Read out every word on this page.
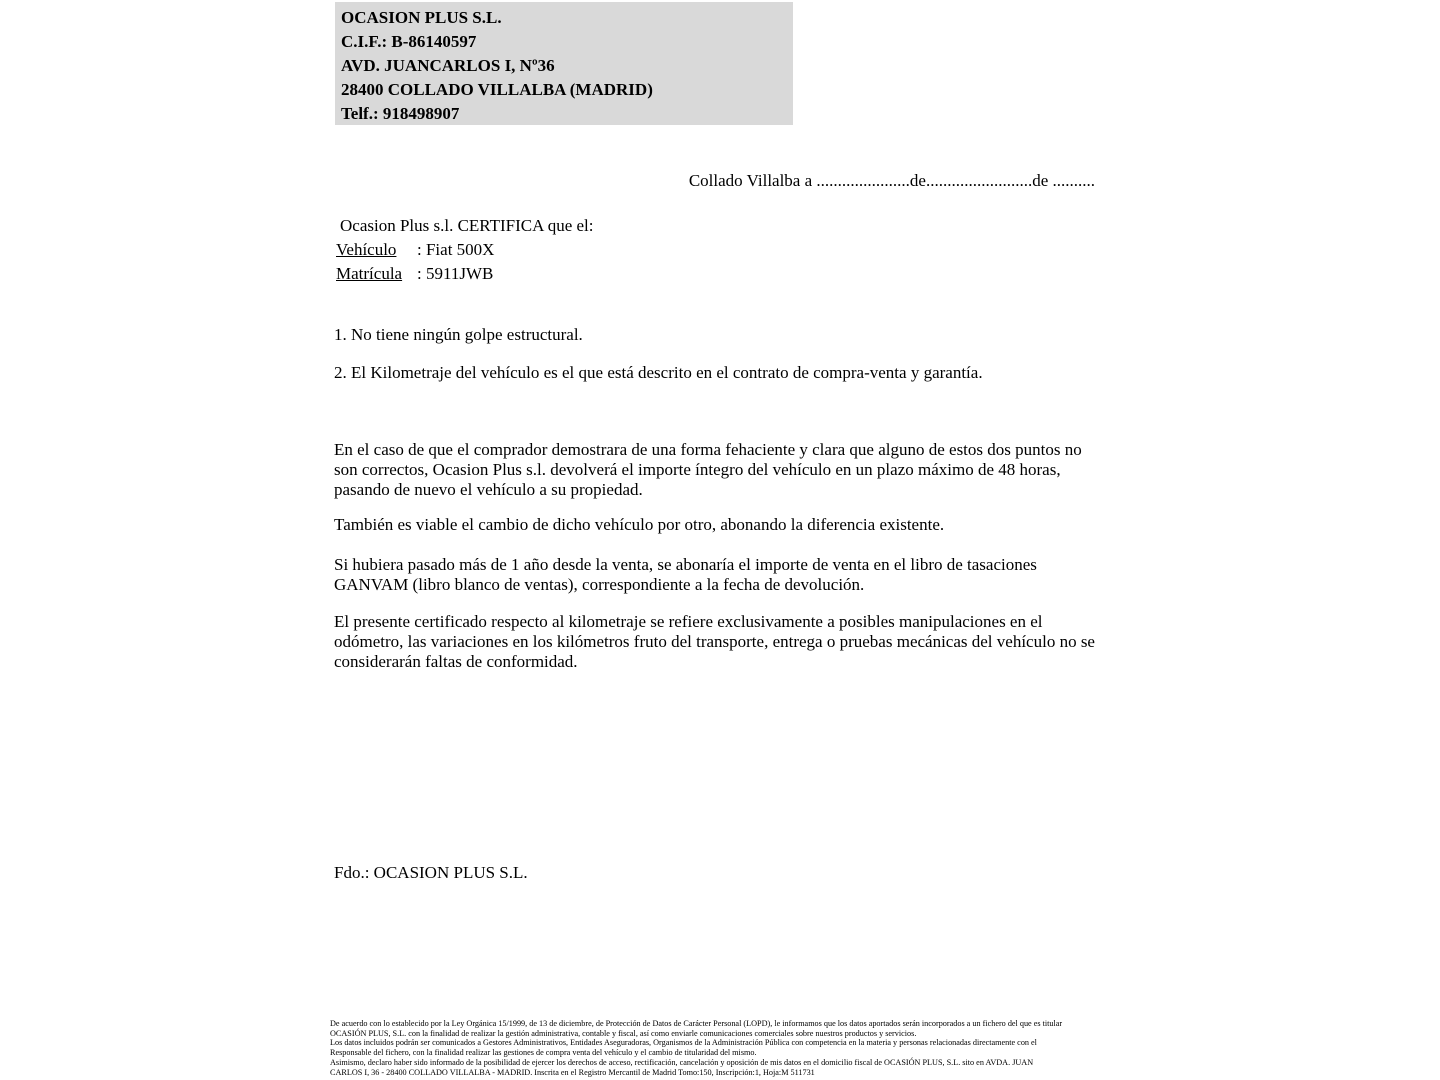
OCASION PLUS S.L.
C.I.F.: B-86140597
AVD. JUANCARLOS I, Nº36
28400 COLLADO VILLALBA (MADRID)
Telf.: 918498907
Collado Villalba a ......................de.........................de ..........
Ocasion Plus s.l. CERTIFICA que el:
Vehículo : Fiat 500X
Matrícula : 5911JWB
1. No tiene ningún golpe estructural.
2. El Kilometraje del vehículo es el que está descrito en el contrato de compra-venta y garantía.
En el caso de que el comprador demostrara de una forma fehaciente y clara que alguno de estos dos puntos no son correctos, Ocasion Plus s.l. devolverá el importe íntegro del vehículo en un plazo máximo de 48 horas, pasando de nuevo el vehículo a su propiedad.
También es viable el cambio de dicho vehículo por otro, abonando la diferencia existente.
Si hubiera pasado más de 1 año desde la venta, se abonaría el importe de venta en el libro de tasaciones GANVAM (libro blanco de ventas), correspondiente a la fecha de devolución.
El presente certificado respecto al kilometraje se refiere exclusivamente a posibles manipulaciones en el odómetro, las variaciones en los kilómetros fruto del transporte, entrega o pruebas mecánicas del vehículo no se considerarán faltas de conformidad.
Fdo.: OCASION PLUS S.L.
De acuerdo con lo establecido por la Ley Orgánica 15/1999, de 13 de diciembre, de Protección de Datos de Carácter Personal (LOPD), le informamos que los datos aportados serán incorporados a un fichero del que es titular
OCASIÓN PLUS, S.L. con la finalidad de realizar la gestión administrativa, contable y fiscal, así como enviarle comunicaciones comerciales sobre nuestros productos y servicios.
Los datos incluidos podrán ser comunicados a Gestores Administrativos, Entidades Aseguradoras, Organismos de la Administración Pública con competencia en la materia y personas relacionadas directamente con el
Responsable del fichero, con la finalidad realizar las gestiones de compra venta del vehículo y el cambio de titularidad del mismo.
Asimismo, declaro haber sido informado de la posibilidad de ejercer los derechos de acceso, rectificación, cancelación y oposición de mis datos en el domicilio fiscal de OCASIÓN PLUS, S.L. sito en AVDA. JUAN
CARLOS I, 36 - 28400 COLLADO VILLALBA - MADRID. Inscrita en el Registro Mercantil de Madrid Tomo:150, Inscripción:1, Hoja:M 511731
